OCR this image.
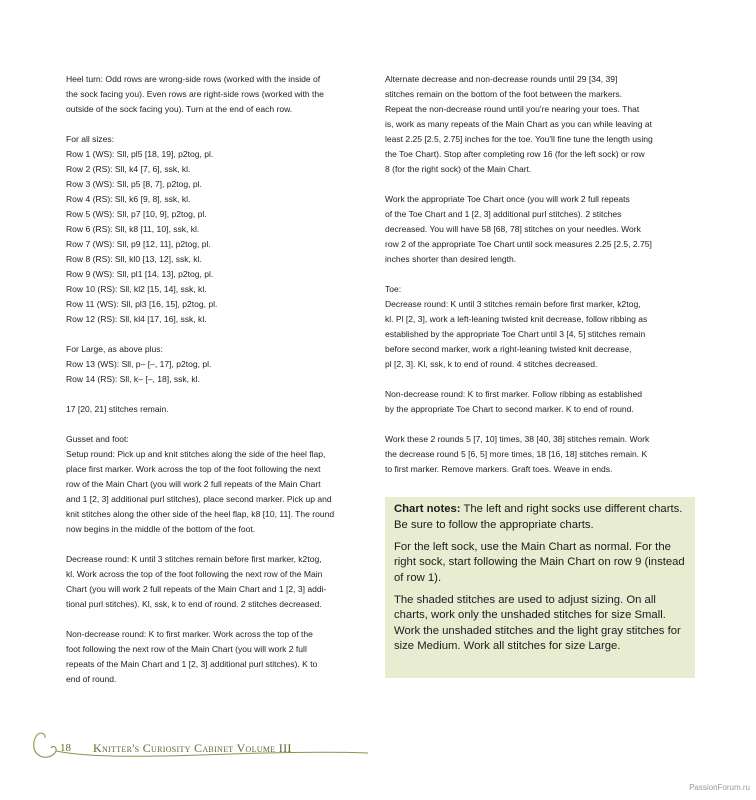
Heel turn: Odd rows are wrong-side rows (worked with the inside of
the sock facing you). Even rows are right-side rows (worked with the
outside of the sock facing you). Turn at the end of each row.

For all sizes:

Row 1 (WS): Sll, pl5 [18, 19], p2tog, pl.

Row 2 (RS): Sll, k4 [7, 6], ssk, kl.

Row 3 (WS): Sll, p5 [8, 7], p2tog, pl.

Row 4 (RS): Sll, k6 [9, 8], ssk, kl.

Row 5 (WS): Sll, p7 [10, 9], p2tog, pl.

Row 6 (RS): Sll, k8 [11, 10], ssk, kl.

Row 7 (WS): Sll, p9 [12, 11], p2tog, pl.

Row 8 (RS): Sll, kl0 [13, 12], ssk, kl.

Row 9 (WS): Sll, pl1 [14, 13], p2tog, pl.

Row 10 (RS): Sll, kl2 [15, 14], ssk, kl.

Row 11 (WS): Sll, pl3 [16, 15], p2tog, pl.

Row 12 (RS): Sll, kl4 [17, 16], ssk, kl.

For Large, as above plus:

Row 13 (WS): Sll, p– [–, 17], p2tog, pl.

Row 14 (RS): Sll, k– [–, 18], ssk, kl.

17 [20, 21] stitches remain.

Gusset and foot:

Setup round: Pick up and knit stitches along the side of the heel flap,
place first marker. Work across the top of the foot following the next
row of the Main Chart (you will work 2 full repeats of the Main Chart
and 1 [2, 3] additional purl stitches), place second marker. Pick up and
knit stitches along the other side of the heel flap, k8 [10, 11]. The round
now begins in the middle of the bottom of the foot.

Decrease round: K until 3 stitches remain before first marker, k2tog,
kl. Work across the top of the foot following the next row of the Main
Chart (you will work 2 full repeats of the Main Chart and 1 [2, 3] addi-
tional purl stitches). Kl, ssk, k to end of round. 2 stitches decreased.

Non-decrease round: K to first marker. Work across the top of the
foot following the next row of the Main Chart (you will work 2 full
repeats of the Main Chart and 1 [2, 3] additional purl stitches). K to
end of round.

Alternate decrease and non-decrease rounds until 29 [34, 39]
stitches remain on the bottom of the foot between the markers.
Repeat the non-decrease round until you're nearing your toes. That
is, work as many repeats of the Main Chart as you can while leaving at
least 2.25 [2.5, 2.75] inches for the toe. You'll fine tune the length using
the Toe Chart). Stop after completing row 16 (for the left sock) or row
8 (for the right sock) of the Main Chart.

Work the appropriate Toe Chart once (you will work 2 full repeats
of the Toe Chart and 1 [2, 3] additional purl stitches). 2 stitches
decreased. You will have 58 [68, 78] stitches on your needles. Work
row 2 of the appropriate Toe Chart until sock measures 2.25 [2.5, 2.75]
inches shorter than desired length.

Toe:

Decrease round: K until 3 stitches remain before first marker, k2tog,
kl. Pl [2, 3], work a left-leaning twisted knit decrease, follow ribbing as
established by the appropriate Toe Chart until 3 [4, 5] stitches remain
before second marker, work a right-leaning twisted knit decrease,
pl [2, 3]. Kl, ssk, k to end of round. 4 stitches decreased.

Non-decrease round: K to first marker. Follow ribbing as established
by the appropriate Toe Chart to second marker. K to end of round.

Work these 2 rounds 5 [7, 10] times, 38 [40, 38] stitches remain. Work
the decrease round 5 [6, 5] more times, 18 [16, 18] stitches remain. K
to first marker. Remove markers. Graft toes. Weave in ends.

Chart notes: The left and right socks use different charts. Be sure to follow the appropriate charts.

For the left sock, use the Main Chart as normal. For the right sock, start following the Main Chart on row 9 (instead of row 1).

The shaded stitches are used to adjust sizing. On all charts, work only the unshaded stitches for size Small. Work the unshaded stitches and the light gray stitches for size Medium. Work all stitches for size Large.

18 Knitter's Curiosity Cabinet Volume III
PassionForum.ru
